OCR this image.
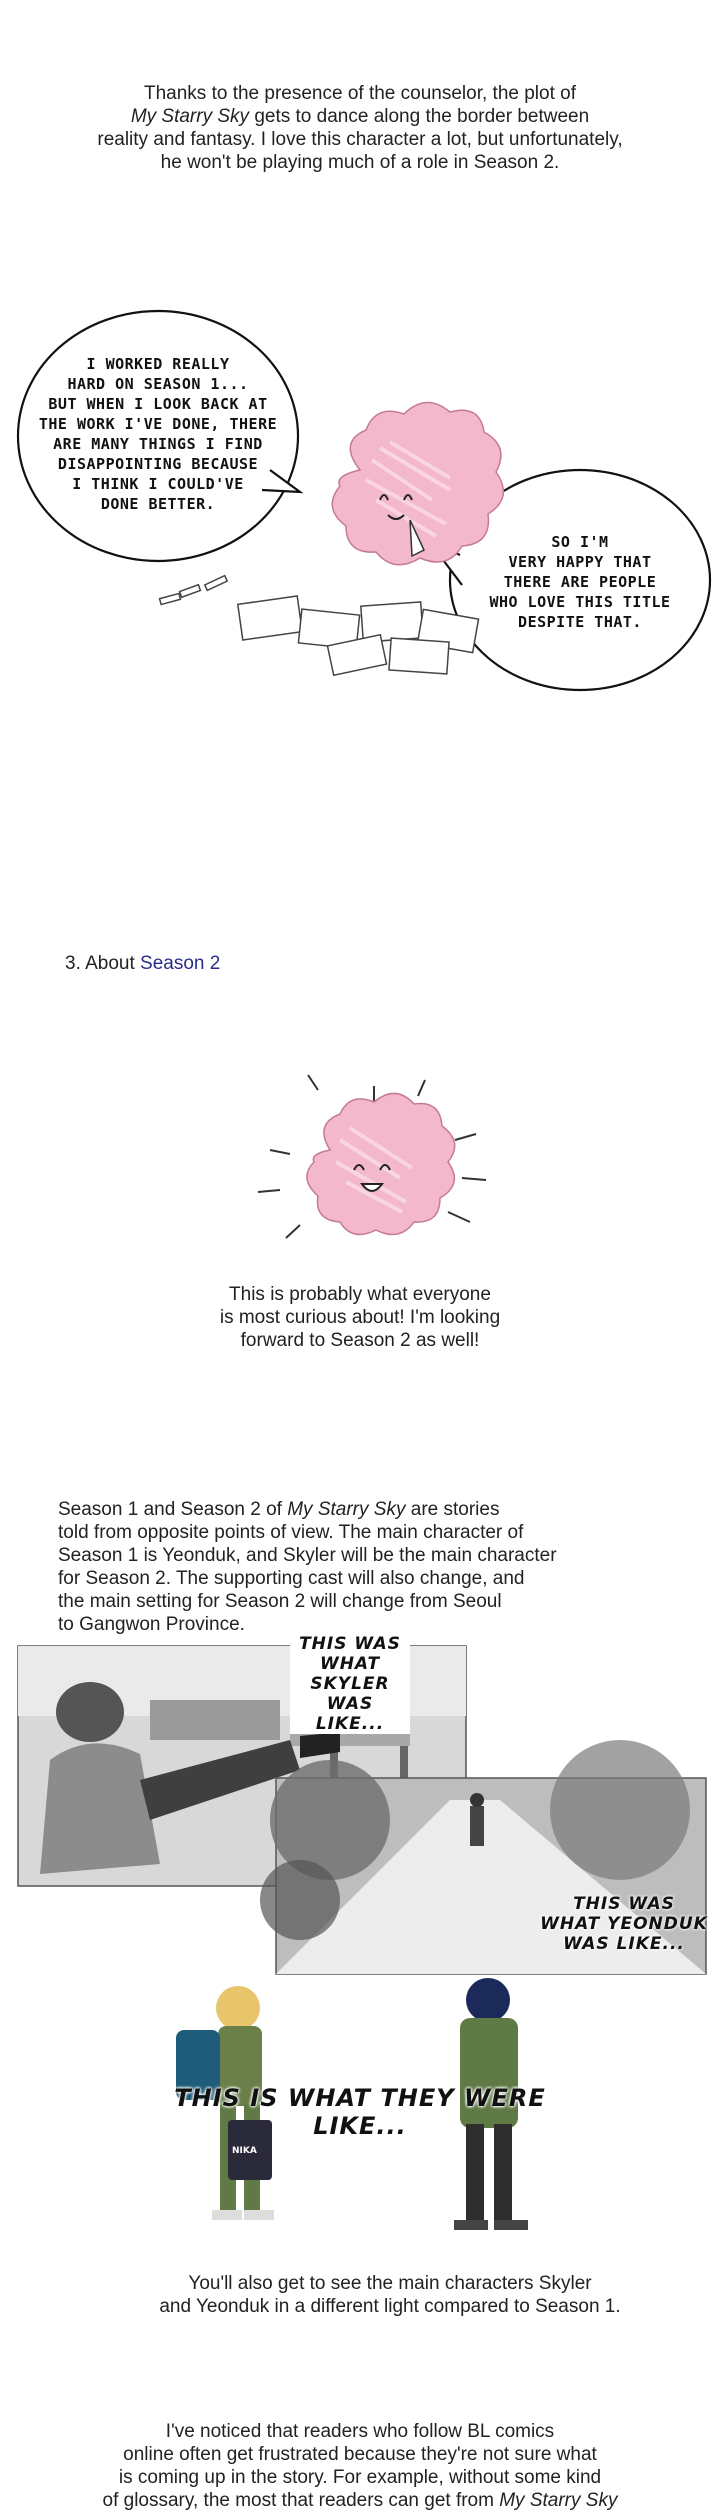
Thanks to the presence of the counselor, the plot of
My Starry Sky gets to dance along the border between
reality and fantasy. I love this character a lot, but unfortunately,
he won't be playing much of a role in Season 2.
I WORKED REALLY
HARD ON SEASON 1...
BUT WHEN I LOOK BACK AT
THE WORK I'VE DONE, THERE
ARE MANY THINGS I FIND
DISAPPOINTING BECAUSE
I THINK I COULD'VE
DONE BETTER.
SO I'M
VERY HAPPY THAT
THERE ARE PEOPLE
WHO LOVE THIS TITLE
DESPITE THAT.
3. About Season 2
This is probably what everyone
is most curious about! I'm looking
forward to Season 2 as well!
Season 1 and Season 2 of My Starry Sky are stories
told from opposite points of view. The main character of
Season 1 is Yeonduk, and Skyler will be the main character
for Season 2. The supporting cast will also change, and
the main setting for Season 2 will change from Seoul
to Gangwon Province.
THIS WAS
WHAT SKYLER
WAS LIKE...
THIS WAS
WHAT YEONDUK
WAS LIKE...
THIS IS WHAT THEY WERE LIKE...
NIKA
You'll also get to see the main characters Skyler
and Yeonduk in a different light compared to Season 1.
I've noticed that readers who follow BL comics
online often get frustrated because they're not sure what
is coming up in the story. For example, without some kind
of glossary, the most that readers can get from My Starry Sky
